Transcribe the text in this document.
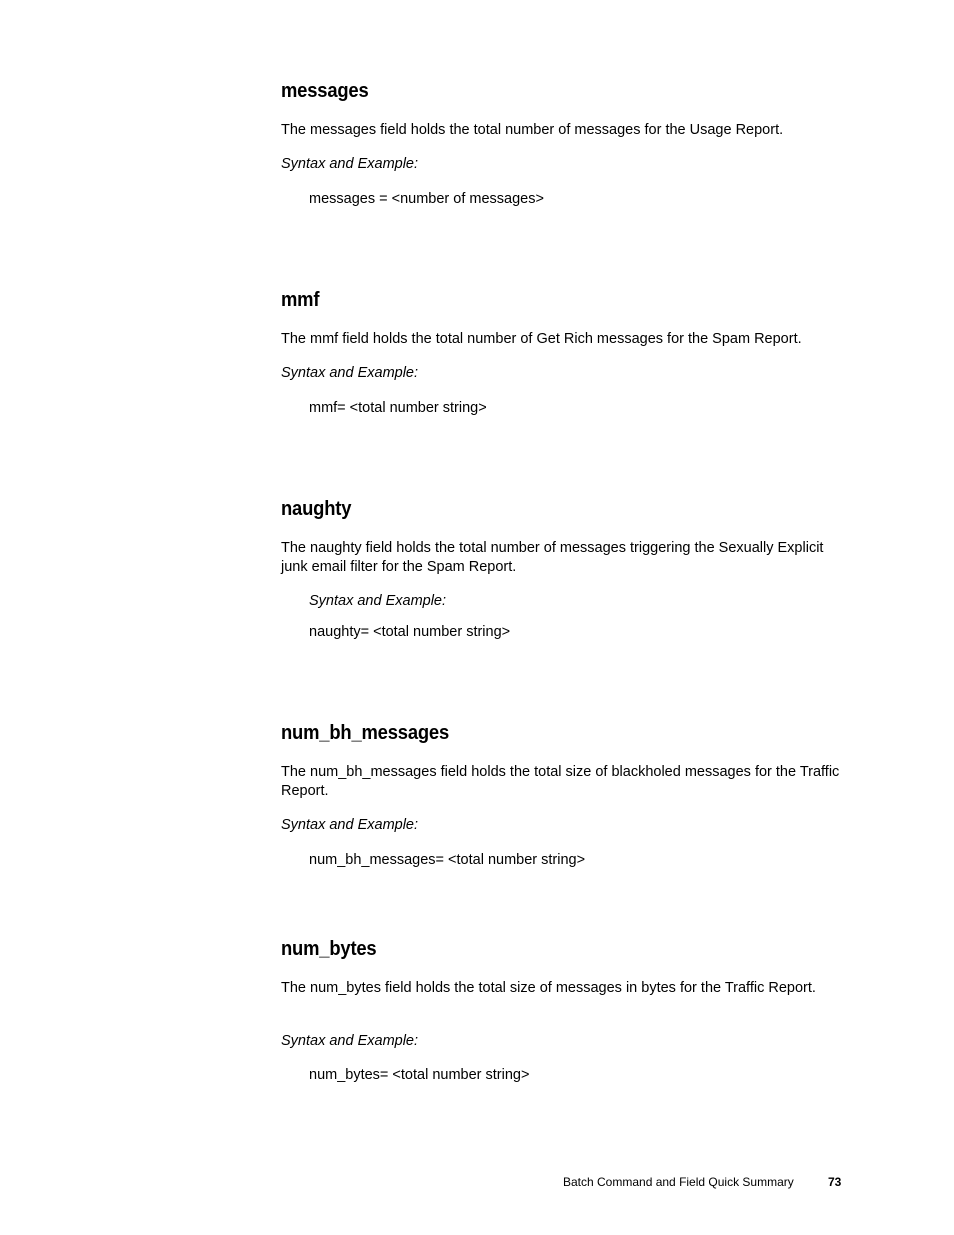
messages

The messages field holds the total number of messages for the Usage Report.

Syntax and Example:

messages = <number of messages>

mmf

The mmf field holds the total number of Get Rich messages for the Spam Report.

Syntax and Example:

mmf= <total number string>

naughty

The naughty field holds the total number of messages triggering the Sexually Explicit junk email filter for the Spam Report.

Syntax and Example:

naughty= <total number string>

num_bh_messages

The num_bh_messages field holds the total size of blackholed messages for the Traffic Report.

Syntax and Example:

num_bh_messages= <total number string>

num_bytes

The num_bytes field holds the total size of messages in bytes for the Traffic Report.

Syntax and Example:

num_bytes= <total number string>

Batch Command and Field Quick Summary	73
